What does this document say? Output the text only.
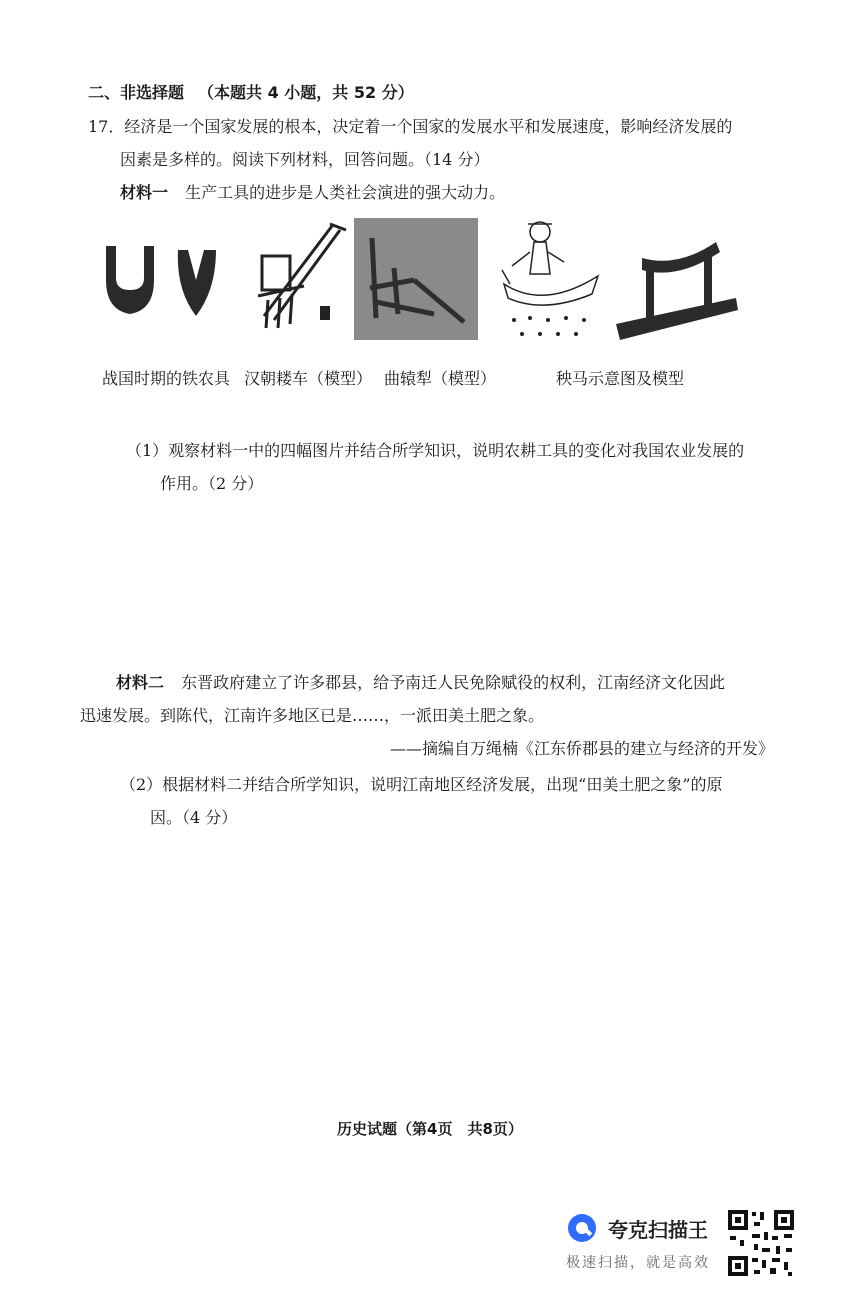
二、非选择题 （本题共 4 小题，共 52 分）
17．经济是一个国家发展的根本，决定着一个国家的发展水平和发展速度，影响经济发展的
因素是多样的。阅读下列材料，回答问题。（14 分）
材料一 生产工具的进步是人类社会演进的强大动力。
战国时期的铁农具 汉朝耧车（模型） 曲辕犁（模型）	秧马示意图及模型
（1）观察材料一中的四幅图片并结合所学知识，说明农耕工具的变化对我国农业发展的
作用。（2 分）
材料二 东晋政府建立了许多郡县，给予南迁人民免除赋役的权利，江南经济文化因此
迅速发展。到陈代，江南许多地区已是……，一派田美土肥之象。
——摘编自万绳楠《江东侨郡县的建立与经济的开发》
（2）根据材料二并结合所学知识，说明江南地区经济发展，出现“田美土肥之象”的原
因。（4 分）
历史试题（第4页　共8页）
夸克扫描王
极速扫描，就是高效
